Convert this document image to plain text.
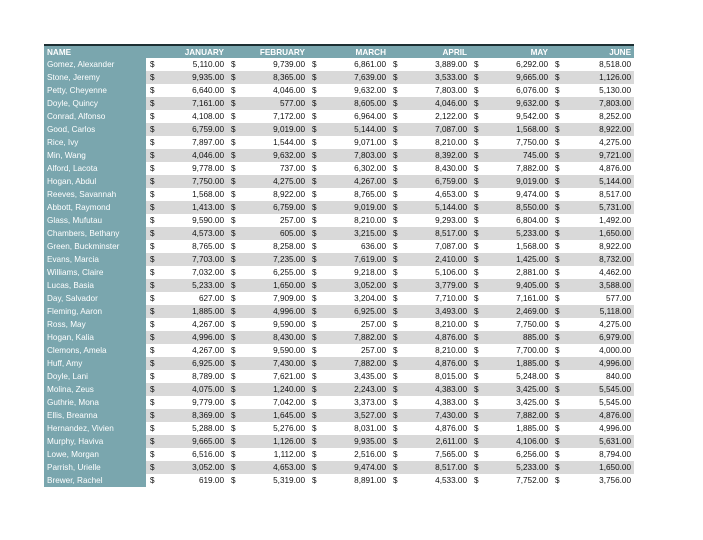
NAME	JANUARY		FEBRUARY		MARCH		APRIL		MAY		JUNE	
Gomez, Alexander	$	5,110.00	$	9,739.00	$	6,861.00	$	3,889.00	$	6,292.00	$	8,518.00
Stone, Jeremy	$	9,935.00	$	8,365.00	$	7,639.00	$	3,533.00	$	9,665.00	$	1,126.00
Petty, Cheyenne	$	6,640.00	$	4,046.00	$	9,632.00	$	7,803.00	$	6,076.00	$	5,130.00
Doyle, Quincy	$	7,161.00	$	577.00	$	8,605.00	$	4,046.00	$	9,632.00	$	7,803.00
Conrad, Alfonso	$	4,108.00	$	7,172.00	$	6,964.00	$	2,122.00	$	9,542.00	$	8,252.00
Good, Carlos	$	6,759.00	$	9,019.00	$	5,144.00	$	7,087.00	$	1,568.00	$	8,922.00
Rice, Ivy	$	7,897.00	$	1,544.00	$	9,071.00	$	8,210.00	$	7,750.00	$	4,275.00
Min, Wang	$	4,046.00	$	9,632.00	$	7,803.00	$	8,392.00	$	745.00	$	9,721.00
Alford, Lacota	$	9,778.00	$	737.00	$	6,302.00	$	8,430.00	$	7,882.00	$	4,876.00
Hogan, Abdul	$	7,750.00	$	4,275.00	$	4,267.00	$	6,759.00	$	9,019.00	$	5,144.00
Reeves, Savannah	$	1,568.00	$	8,922.00	$	8,765.00	$	4,653.00	$	9,474.00	$	8,517.00
Abbott, Raymond	$	1,413.00	$	6,759.00	$	9,019.00	$	5,144.00	$	8,550.00	$	5,731.00
Glass, Mufutau	$	9,590.00	$	257.00	$	8,210.00	$	9,293.00	$	6,804.00	$	1,492.00
Chambers, Bethany	$	4,573.00	$	605.00	$	3,215.00	$	8,517.00	$	5,233.00	$	1,650.00
Green, Buckminster	$	8,765.00	$	8,258.00	$	636.00	$	7,087.00	$	1,568.00	$	8,922.00
Evans, Marcia	$	7,703.00	$	7,235.00	$	7,619.00	$	2,410.00	$	1,425.00	$	8,732.00
Williams, Claire	$	7,032.00	$	6,255.00	$	9,218.00	$	5,106.00	$	2,881.00	$	4,462.00
Lucas, Basia	$	5,233.00	$	1,650.00	$	3,052.00	$	3,779.00	$	9,405.00	$	3,588.00
Day, Salvador	$	627.00	$	7,909.00	$	3,204.00	$	7,710.00	$	7,161.00	$	577.00
Fleming, Aaron	$	1,885.00	$	4,996.00	$	6,925.00	$	3,493.00	$	2,469.00	$	5,118.00
Ross, May	$	4,267.00	$	9,590.00	$	257.00	$	8,210.00	$	7,750.00	$	4,275.00
Hogan, Kalia	$	4,996.00	$	8,430.00	$	7,882.00	$	4,876.00	$	885.00	$	6,979.00
Clemons, Amela	$	4,267.00	$	9,590.00	$	257.00	$	8,210.00	$	7,700.00	$	4,000.00
Huff, Amy	$	6,925.00	$	7,430.00	$	7,882.00	$	4,876.00	$	1,885.00	$	4,996.00
Doyle, Lani	$	8,789.00	$	7,621.00	$	3,435.00	$	8,015.00	$	5,248.00	$	840.00
Molina, Zeus	$	4,075.00	$	1,240.00	$	2,243.00	$	4,383.00	$	3,425.00	$	5,545.00
Guthrie, Mona	$	9,779.00	$	7,042.00	$	3,373.00	$	4,383.00	$	3,425.00	$	5,545.00
Ellis, Breanna	$	8,369.00	$	1,645.00	$	3,527.00	$	7,430.00	$	7,882.00	$	4,876.00
Hernandez, Vivien	$	5,288.00	$	5,276.00	$	8,031.00	$	4,876.00	$	1,885.00	$	4,996.00
Murphy, Haviva	$	9,665.00	$	1,126.00	$	9,935.00	$	2,611.00	$	4,106.00	$	5,631.00
Lowe, Morgan	$	6,516.00	$	1,112.00	$	2,516.00	$	7,565.00	$	6,256.00	$	8,794.00
Parrish, Urielle	$	3,052.00	$	4,653.00	$	9,474.00	$	8,517.00	$	5,233.00	$	1,650.00
Brewer, Rachel	$	619.00	$	5,319.00	$	8,891.00	$	4,533.00	$	7,752.00	$	3,756.00
